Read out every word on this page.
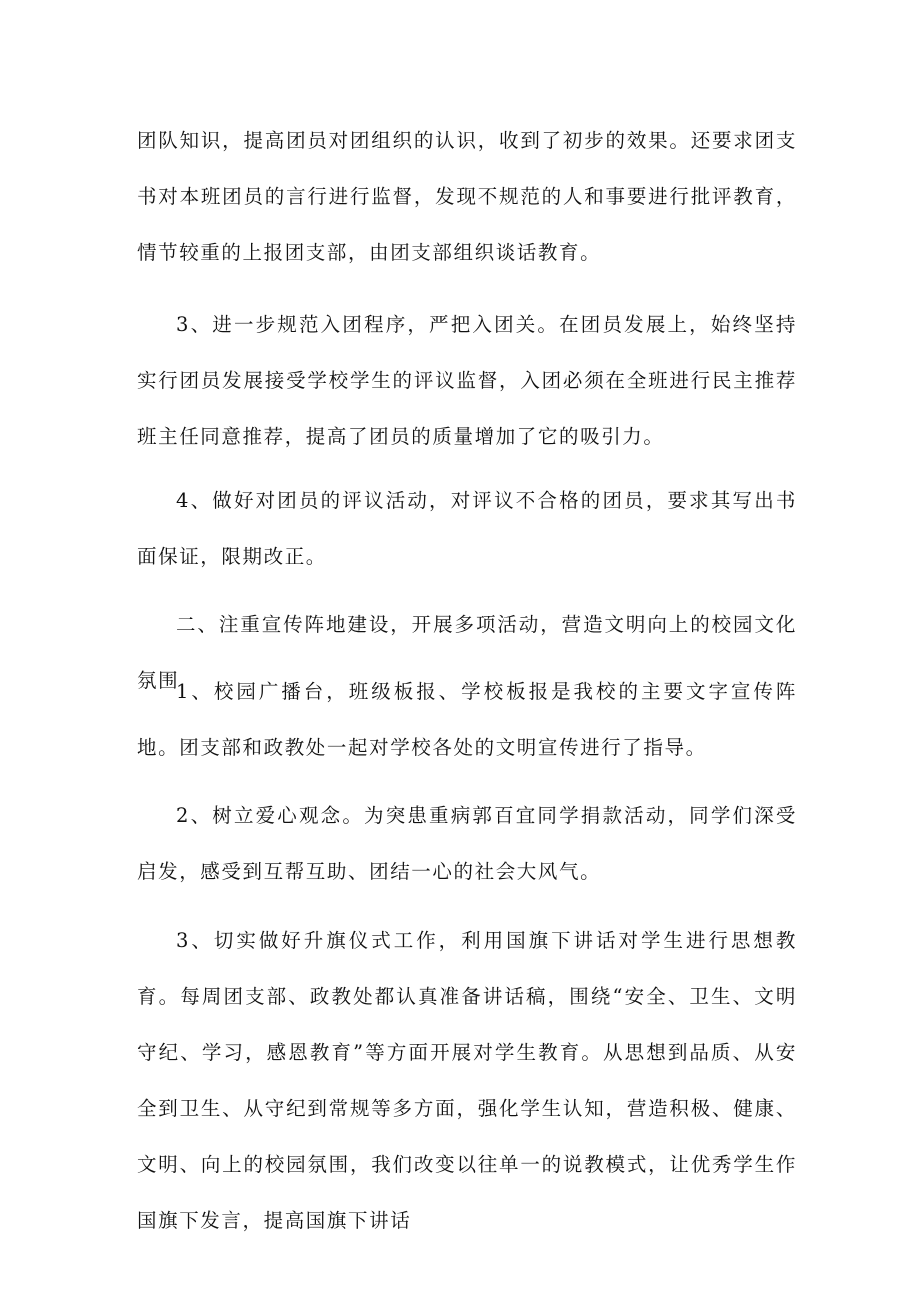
团队知识，提高团员对团组织的认识，收到了初步的效果。还要求团支书对本班团员的言行进行监督，发现不规范的人和事要进行批评教育，情节较重的上报团支部，由团支部组织谈话教育。

3、进一步规范入团程序，严把入团关。在团员发展上，始终坚持实行团员发展接受学校学生的评议监督，入团必须在全班进行民主推荐班主任同意推荐，提高了团员的质量增加了它的吸引力。

4、做好对团员的评议活动，对评议不合格的团员，要求其写出书面保证，限期改正。

二、注重宣传阵地建设，开展多项活动，营造文明向上的校园文化氛围

1、校园广播台，班级板报、学校板报是我校的主要文字宣传阵地。团支部和政教处一起对学校各处的文明宣传进行了指导。

2、树立爱心观念。为突患重病郭百宜同学捐款活动，同学们深受启发，感受到互帮互助、团结一心的社会大风气。

3、切实做好升旗仪式工作，利用国旗下讲话对学生进行思想教育。每周团支部、政教处都认真准备讲话稿，围绕“安全、卫生、文明守纪、学习，感恩教育”等方面开展对学生教育。从思想到品质、从安全到卫生、从守纪到常规等多方面，强化学生认知，营造积极、健康、文明、向上的校园氛围，我们改变以往单一的说教模式，让优秀学生作国旗下发言，提高国旗下讲话
